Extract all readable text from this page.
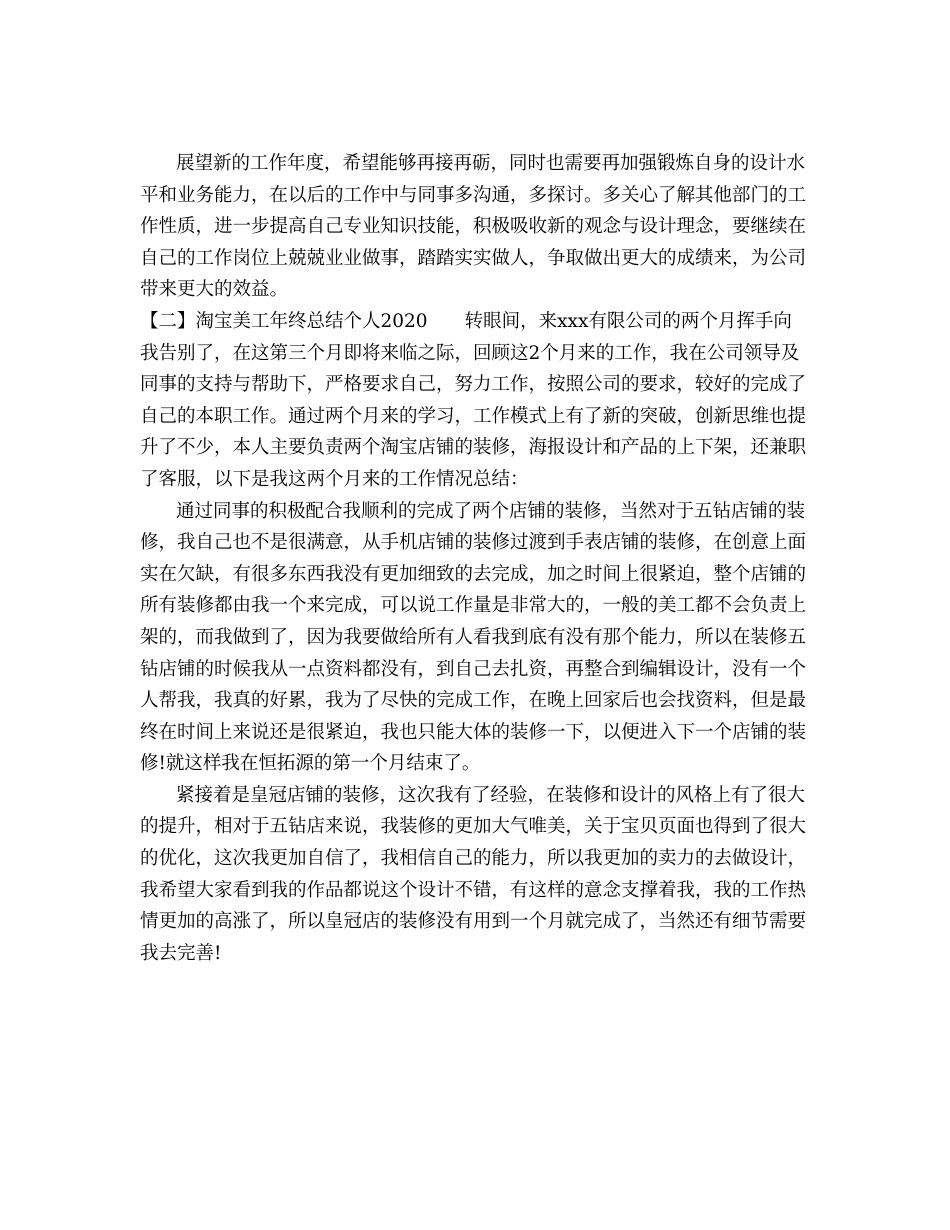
展望新的工作年度，希望能够再接再砺，同时也需要再加强锻炼自身的设计水
平和业务能力，在以后的工作中与同事多沟通，多探讨。多关心了解其他部门的工
作性质，进一步提高自己专业知识技能，积极吸收新的观念与设计理念，要继续在
自己的工作岗位上兢兢业业做事，踏踏实实做人，争取做出更大的成绩来，为公司
带来更大的效益。
【二】淘宝美工年终总结个人2020　　转眼间，来xxx有限公司的两个月挥手向
我告别了，在这第三个月即将来临之际，回顾这2个月来的工作，我在公司领导及
同事的支持与帮助下，严格要求自己，努力工作，按照公司的要求，较好的完成了
自己的本职工作。通过两个月来的学习，工作模式上有了新的突破，创新思维也提
升了不少，本人主要负责两个淘宝店铺的装修，海报设计和产品的上下架，还兼职
了客服，以下是我这两个月来的工作情况总结：
通过同事的积极配合我顺利的完成了两个店铺的装修，当然对于五钻店铺的装
修，我自己也不是很满意，从手机店铺的装修过渡到手表店铺的装修，在创意上面
实在欠缺，有很多东西我没有更加细致的去完成，加之时间上很紧迫，整个店铺的
所有装修都由我一个来完成，可以说工作量是非常大的，一般的美工都不会负责上
架的，而我做到了，因为我要做给所有人看我到底有没有那个能力，所以在装修五
钻店铺的时候我从一点资料都没有，到自己去扎资，再整合到编辑设计，没有一个
人帮我，我真的好累，我为了尽快的完成工作，在晚上回家后也会找资料，但是最
终在时间上来说还是很紧迫，我也只能大体的装修一下，以便进入下一个店铺的装
修!就这样我在恒拓源的第一个月结束了。
紧接着是皇冠店铺的装修，这次我有了经验，在装修和设计的风格上有了很大
的提升，相对于五钻店来说，我装修的更加大气唯美，关于宝贝页面也得到了很大
的优化，这次我更加自信了，我相信自己的能力，所以我更加的卖力的去做设计，
我希望大家看到我的作品都说这个设计不错，有这样的意念支撑着我，我的工作热
情更加的高涨了，所以皇冠店的装修没有用到一个月就完成了，当然还有细节需要
我去完善!
